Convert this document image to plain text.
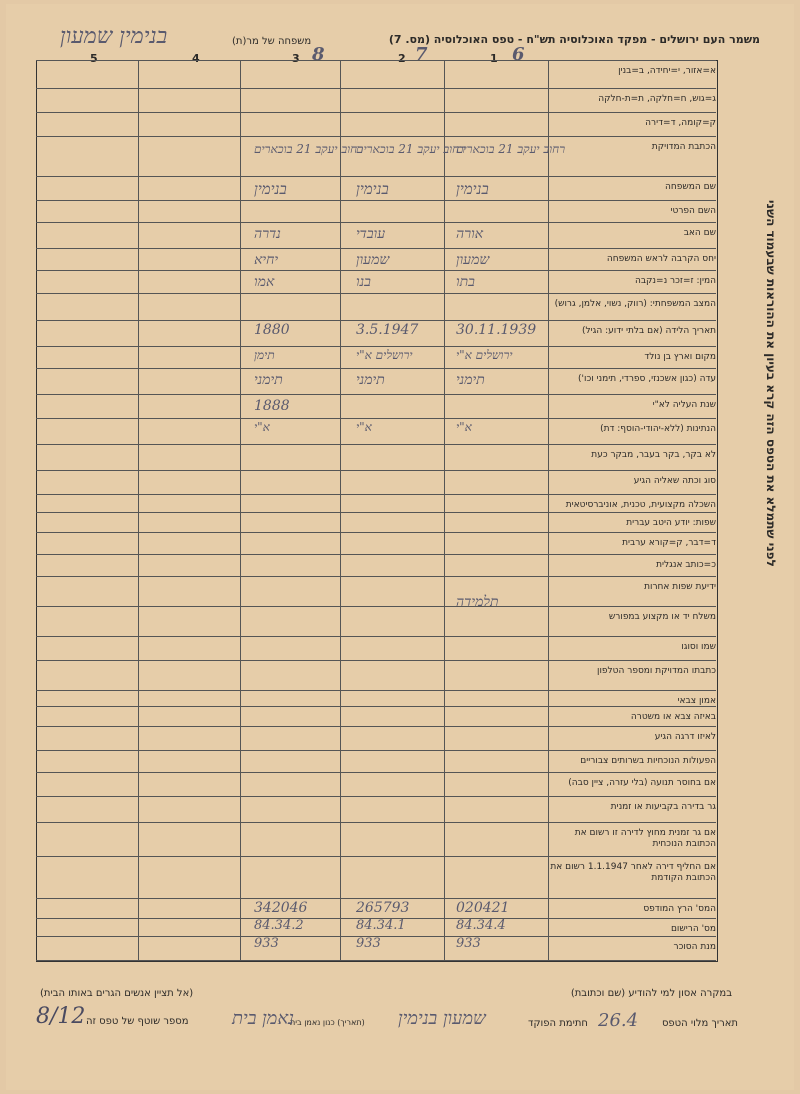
משמר העם ירושלים - מפקד האוכלוסיה תש"ח - טפס האוכלוסיה (מס. 7)
משפחה של מר(ת)
בנימין שמעון
1
2
3
4
5	6
7
8
א=אזור, י=יחידה, ב=בנין
ג=גוש, ח=חלקה, ת=ת-חלקה
ק=קומה, ד=דירה
הכתבת המדויקת
שם המשפחה
השם הפרטי
שם האב
יחס הקרבה לראש המשפחה
המין: ז=זכר נ=נקבה
המצב המשפחתי: (רווק, נשוי, אלמן, גרוש)
תאריך הלידה (אם בלתי ידוע: הגיל)
מקום וארץ בן נולד
עדה (כגון אשכנזי, ספרדי, תימני וכו')
שנת העליה לא"י
הנתינות (ללא-יהודי-הוסף: דת)
לא בקר, בקר בעבר, מבקר כעת
סוג וכתה שאליה הגיע
השכלה מקצועית, טכנית, אוניברסיטאית
שפות: יודע היטב עברית
ד=דבר, ק=קורא ערבית
כ=כותב אנגלית
ידיעת שפות אחרות
משלח יד או מקצוע במפורש
שמו וסוגו
כתבתו המדויקת ומספר הטלפון
אמון צבאי
באיזה צבא או משטרה
לאיזו דרגה הגיע
הפעולות הנוכחיות בשרותים צבוריים
אם בחוסר תנועה (בלי עזרה, ציין סבה)
גר בדירה בקביעות או זמנית
אם גר זמנית מחוץ לדירה זו רשום את הכתובת הנוכחית
אם החליף דירה לאחר 1.1.1947 רשום את הכתובת הקודמת
המס' הרץ המודפס
מס' הרישום
מנת הסוכר
רחוב יעקב 21 בוכארים
בנימין
אורה
שמעון
בתו
30.11.1939
ירושלים א"י
תימני
א"י
תלמידה
020421
84.34.4
933
רחוב יעקב 21 בוכארים
בנימין
עובדי
שמעון
בנו
3.5.1947
ירושלים א"י
תימני
א"י
265793
84.34.1
933
רחוב יעקב 21 בוכארים
בנימין
נדרה
יחיא
אמו
1880
תימן
תימני
1888
א"י
342046
84.34.2
933
לפני שתמלא את הטפס הזה קרא בעיון את ההוראות שבעמוד השני
במקרה אסון למי להודיע (שם וכתובת)
(אל תציין אנשים הגרים באותו הבית)
תאריך מלוי הטפס
26.4
חתימת הפוקד
שמעון בנימין
(תאריך) כנון נאמן בית
נאמן בית
מספר שוטף של טפס זה
8/12
